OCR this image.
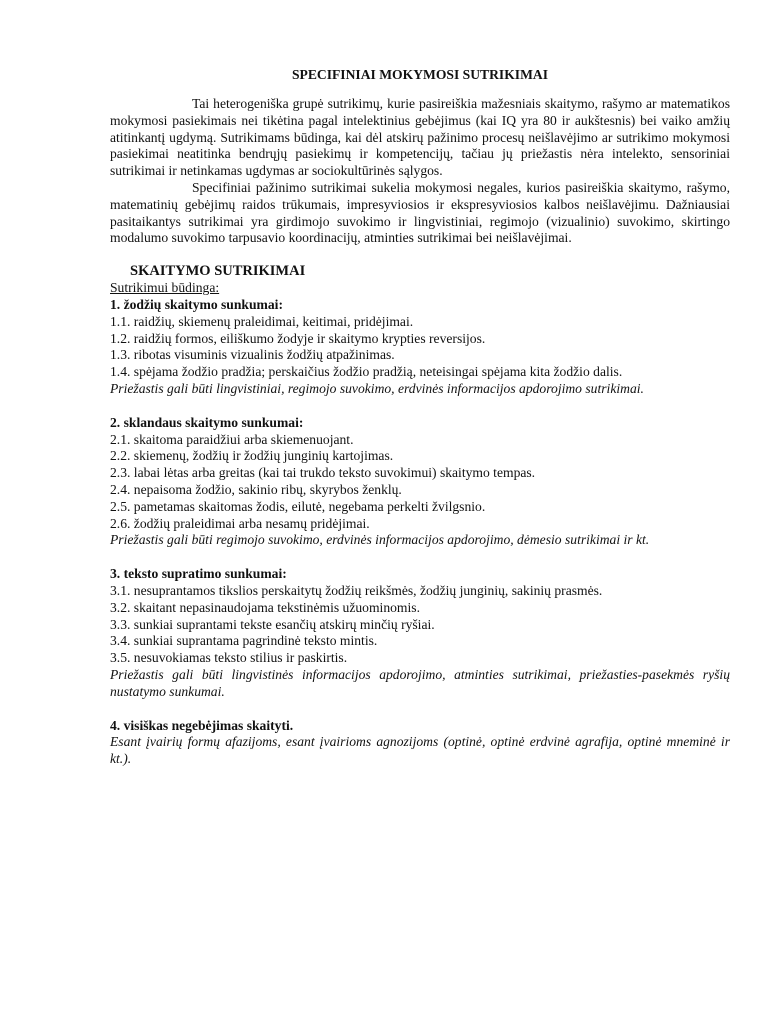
SPECIFINIAI MOKYMOSI SUTRIKIMAI

Tai heterogeniška grupė sutrikimų, kurie pasireiškia mažesniais skaitymo, rašymo ar matematikos mokymosi pasiekimais nei tikėtina pagal intelektinius gebėjimus (kai IQ yra 80 ir aukštesnis) bei vaiko amžių atitinkantį ugdymą. Sutrikimams būdinga, kai dėl atskirų pažinimo procesų neišlavėjimo ar sutrikimo mokymosi pasiekimai neatitinka bendrųjų pasiekimų ir kompetencijų, tačiau jų priežastis nėra intelekto, sensoriniai sutrikimai ir netinkamas ugdymas ar sociokultūrinės sąlygos.

Specifiniai pažinimo sutrikimai sukelia mokymosi negales, kurios pasireiškia skaitymo, rašymo, matematinių gebėjimų raidos trūkumais, impresyviosios ir ekspresyviosios kalbos neišlavėjimu. Dažniausiai pasitaikantys sutrikimai yra girdimojo suvokimo ir lingvistiniai, regimojo (vizualinio) suvokimo, skirtingo modalumo suvokimo tarpusavio koordinacijų, atminties sutrikimai bei neišlavėjimai.

SKAITYMO SUTRIKIMAI
Sutrikimui būdinga:
1. žodžių skaitymo sunkumai:
1.1. raidžių, skiemenų praleidimai, keitimai, pridėjimai.
1.2. raidžių formos, eiliškumo žodyje ir skaitymo krypties reversijos.
1.3. ribotas visuminis vizualinis žodžių atpažinimas.
1.4. spėjama žodžio pradžia; perskaičius žodžio pradžią, neteisingai spėjama kita žodžio dalis.
Priežastis gali būti lingvistiniai, regimojo suvokimo, erdvinės informacijos apdorojimo sutrikimai.
2. sklandaus skaitymo sunkumai:
2.1. skaitoma paraidžiui arba skiemenuojant.
2.2. skiemenų, žodžių ir žodžių junginių kartojimas.
2.3. labai lėtas arba greitas (kai tai trukdo teksto suvokimui) skaitymo tempas.
2.4. nepaisoma žodžio, sakinio ribų, skyrybos ženklų.
2.5. pametamas skaitomas žodis, eilutė, negebama perkelti žvilgsnio.
2.6. žodžių praleidimai arba nesamų pridėjimai.
Priežastis gali būti regimojo suvokimo, erdvinės informacijos apdorojimo, dėmesio sutrikimai ir kt.
3. teksto supratimo sunkumai:
3.1. nesuprantamos tikslios perskaitytų žodžių reikšmės, žodžių junginių, sakinių prasmės.
3.2. skaitant nepasinaudojama tekstinėmis užuominomis.
3.3. sunkiai suprantami tekste esančių atskirų minčių ryšiai.
3.4. sunkiai suprantama pagrindinė teksto mintis.
3.5. nesuvokiamas teksto stilius ir paskirtis.
Priežastis gali būti lingvistinės informacijos apdorojimo, atminties sutrikimai, priežasties-pasekmės ryšių nustatymo sunkumai.
4. visiškas negebėjimas skaityti.
Esant įvairių formų afazijoms, esant įvairioms agnozijoms (optinė, optinė erdvinė agrafija, optinė mneminė ir kt.).
